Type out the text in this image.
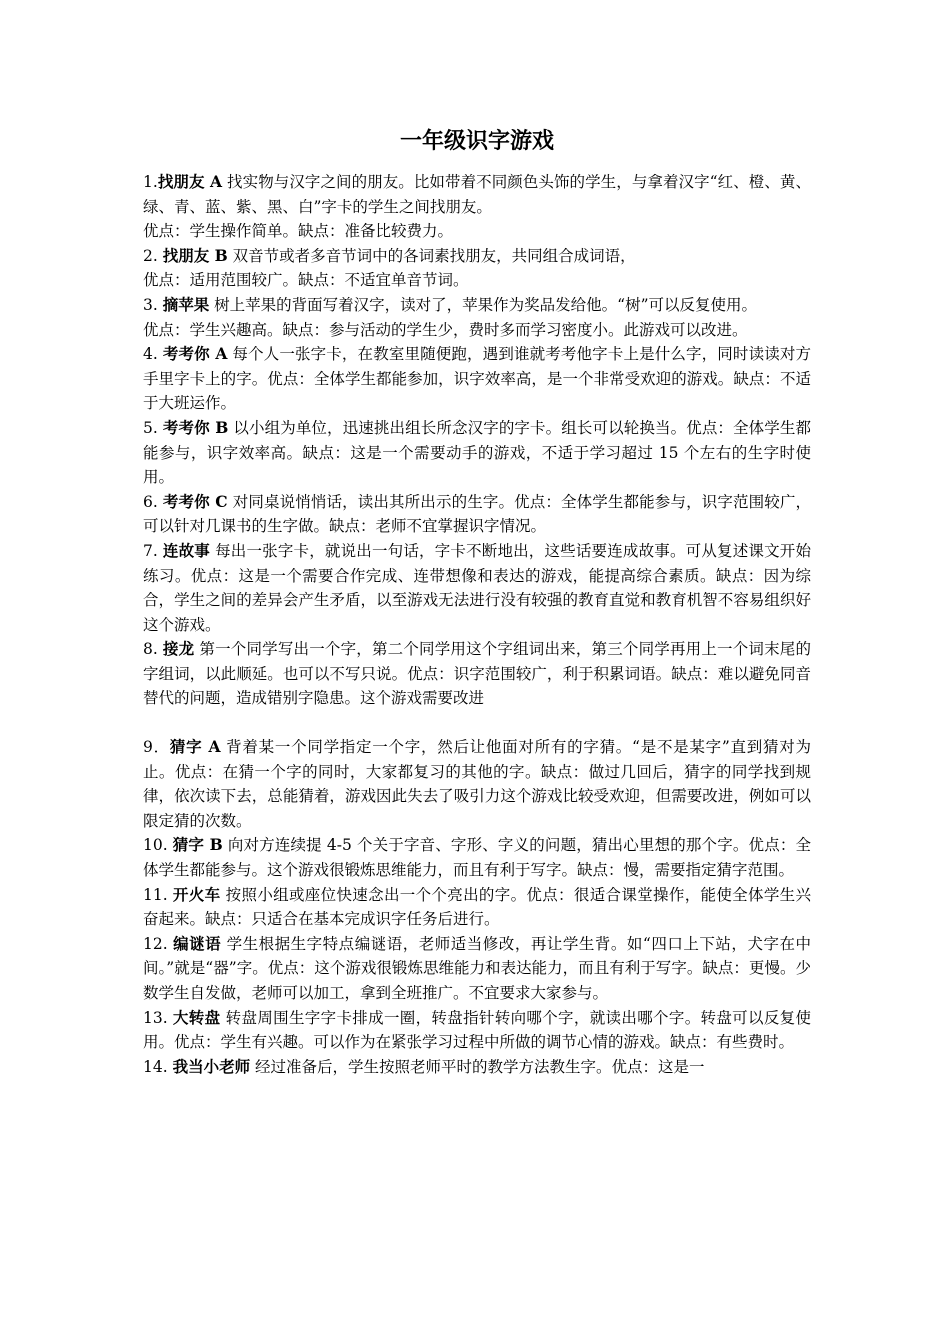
一年级识字游戏

1.找朋友 A 找实物与汉字之间的朋友。比如带着不同颜色头饰的学生，与拿着汉字“红、橙、黄、绿、青、蓝、紫、黑、白”字卡的学生之间找朋友。

优点：学生操作简单。缺点：准备比较费力。

2. 找朋友 B 双音节或者多音节词中的各词素找朋友，共同组合成词语，

优点：适用范围较广。缺点：不适宜单音节词。

3. 摘苹果 树上苹果的背面写着汉字，读对了，苹果作为奖品发给他。“树”可以反复使用。

优点：学生兴趣高。缺点：参与活动的学生少，费时多而学习密度小。此游戏可以改进。

4. 考考你 A 每个人一张字卡，在教室里随便跑，遇到谁就考考他字卡上是什么字，同时读读对方手里字卡上的字。优点：全体学生都能参加，识字效率高，是一个非常受欢迎的游戏。缺点：不适于大班运作。

5. 考考你 B 以小组为单位，迅速挑出组长所念汉字的字卡。组长可以轮换当。优点：全体学生都能参与，识字效率高。缺点：这是一个需要动手的游戏，不适于学习超过 15 个左右的生字时使用。

6. 考考你 C 对同桌说悄悄话，读出其所出示的生字。优点：全体学生都能参与，识字范围较广，可以针对几课书的生字做。缺点：老师不宜掌握识字情况。

7. 连故事 每出一张字卡，就说出一句话，字卡不断地出，这些话要连成故事。可从复述课文开始练习。优点：这是一个需要合作完成、连带想像和表达的游戏，能提高综合素质。缺点：因为综合，学生之间的差异会产生矛盾，以至游戏无法进行没有较强的教育直觉和教育机智不容易组织好这个游戏。

8. 接龙 第一个同学写出一个字，第二个同学用这个字组词出来，第三个同学再用上一个词末尾的字组词，以此顺延。也可以不写只说。优点：识字范围较广，利于积累词语。缺点：难以避免同音替代的问题，造成错别字隐患。这个游戏需要改进

9．猜字 A 背着某一个同学指定一个字，然后让他面对所有的字猜。“是不是某字”直到猜对为止。优点：在猜一个字的同时，大家都复习的其他的字。缺点：做过几回后，猜字的同学找到规律，依次读下去，总能猜着，游戏因此失去了吸引力这个游戏比较受欢迎，但需要改进，例如可以限定猜的次数。

10. 猜字 B 向对方连续提 4-5 个关于字音、字形、字义的问题，猜出心里想的那个字。优点：全体学生都能参与。这个游戏很锻炼思维能力，而且有利于写字。缺点：慢，需要指定猜字范围。

11. 开火车 按照小组或座位快速念出一个个亮出的字。优点：很适合课堂操作，能使全体学生兴奋起来。缺点：只适合在基本完成识字任务后进行。

12. 编谜语 学生根据生字特点编谜语，老师适当修改，再让学生背。如“四口上下站，犬字在中间。”就是“器”字。优点：这个游戏很锻炼思维能力和表达能力，而且有利于写字。缺点：更慢。少数学生自发做，老师可以加工，拿到全班推广。不宜要求大家参与。

13. 大转盘 转盘周围生字字卡排成一圈，转盘指针转向哪个字，就读出哪个字。转盘可以反复使用。优点：学生有兴趣。可以作为在紧张学习过程中所做的调节心情的游戏。缺点：有些费时。

14. 我当小老师 经过准备后，学生按照老师平时的教学方法教生字。优点：这是一
